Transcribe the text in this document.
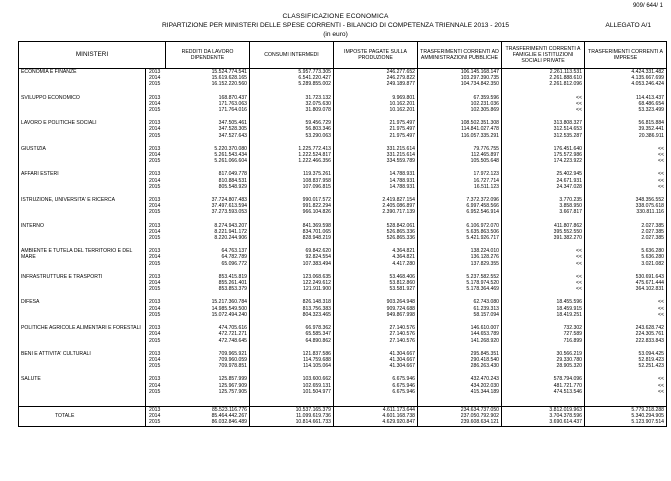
909/ 644/ 1
CLASSIFICAZIONE ECONOMICA
RIPARTIZIONE PER MINISTERI DELLE SPESE CORRENTI - BILANCIO DI COMPETENZA TRIENNALE 2013 - 2015
(in euro)
ALLEGATO A/1
MINISTERI		REDDITI DA LAVORO DIPENDENTE	CONSUMI INTERMEDI	IMPOSTE PAGATE SULLA PRODUZIONE	TRASFERIMENTI CORRENTI AD AMMINISTRAZIONI PUBBLICHE	TRASFERIMENTI CORRENTI A FAMIGLIE E ISTITUZIONI SOCIALI PRIVATE	TRASFERIMENTI CORRENTI A IMPRESE
ECONOMIA E FINANZE	2013	15.524.774.541	5.957.773.305	246.277.652	106.145.168.147	2.261.113.531	4.424.331.482
	2014	15.619.628.165	6.541.220.427	246.279.822	103.297.390.735	2.261.888.610	4.135.667.699
	2015	16.152.220.560	5.289.855.002	249.189.877	104.734.842.350	2.261.812.096	4.053.246.424

SVILUPPO ECONOMICO	2013	168.870.437	31.723.132	9.969.801	67.359.596	<<	114.413.437
	2014	171.763.063	32.075.630	10.162.201	102.231.036	<<	68.486.654
	2015	171.764.016	31.809.078	10.162.201	102.305.869	<<	53.323.499

LAVORO E POLITICHE SOCIALI	2013	347.505.461	59.456.729	21.975.497	108.502.351.308	313.808.327	56.815.884
	2014	347.528.305	56.803.346	21.975.497	114.841.027.478	312.514.653	39.352.441
	2015	347.527.643	53.290.063	21.975.497	116.057.335.291	312.535.287	20.386.911

GIUSTIZIA	2013	5.220.370.080	1.225.772.413	331.215.614	79.776.755	176.451.640	<<
	2014	5.261.543.434	1.222.524.817	331.215.614	112.465.897	175.572.986	<<
	2015	5.261.066.604	1.222.466.356	334.559.789	105.505.648	174.223.922	<<

AFFARI ESTERI	2013	817.049.778	119.375.261	14.788.931	17.972.123	25.402.945	<<
	2014	810.884.531	108.837.958	14.788.931	16.727.714	24.671.931	<<
	2015	805.548.929	107.096.815	14.788.931	16.511.123	24.347.028	<<

ISTRUZIONE, UNIVERSITA' E RICERCA	2013	37.724.807.483	990.017.572	2.419.827.154	7.372.372.096	3.770.235	348.356.552
	2014	37.497.613.594	991.822.294	2.405.086.897	6.997.458.566	3.858.950	338.075.618
	2015	37.273.593.053	966.104.826	2.390.717.139	6.952.546.914	3.667.817	330.811.116

INTERNO	2013	8.274.943.207	841.369.598	528.842.061	6.106.972.070	411.807.862	2.027.385
	2014	8.221.941.172	834.701.065	526.865.336	5.635.863.506	395.552.550	2.027.385
	2015	8.220.244.906	828.948.219	526.865.336	5.421.926.717	391.382.270	2.027.385

AMBIENTE E TUTELA DEL TERRITORIO E DEL MARE	2013	64.763.137	69.842.620	4.364.821	138.224.010	<<	5.636.280
	2014	64.782.789	92.824.554	4.364.821	136.128.276	<<	5.636.280
	2015	65.096.772	107.383.494	4.417.280	137.829.355	<<	3.021.082

INFRASTRUTTURE E TRASPORTI	2013	853.415.819	123.068.635	53.468.406	5.237.582.552	<<	530.691.643
	2014	855.261.401	122.249.612	53.812.860	5.178.974.520	<<	475.671.444
	2015	853.853.379	121.911.900	53.581.927	5.178.364.469	<<	364.102.831

DIFESA	2013	15.217.360.784	826.148.318	903.264.948	62.743.080	18.455.596	<<
	2014	14.985.549.500	813.756.383	909.724.688	61.239.313	18.459.915	<<
	2015	15.072.494.240	804.323.465	949.867.998	58.157.094	18.419.251	<<

POLITICHE AGRICOLE ALIMENTARI E FORESTALI	2013	474.705.616	66.978.362	27.140.576	146.610.007	732.302	243.628.742
	2014	472.721.271	65.585.347	27.140.576	144.653.789	727.589	224.305.761
	2015	472.748.645	64.890.862	27.140.576	141.268.920	716.899	222.833.843

BENI E ATTIVITA' CULTURALI	2013	709.965.921	121.837.586	41.304.667	295.845.351	30.566.219	53.094.425
	2014	709.960.059	114.759.688	41.304.667	290.418.540	29.330.780	52.819.423
	2015	709.978.851	114.105.064	41.304.667	286.263.430	28.905.320	52.251.423

SALUTE	2013	125.857.999	103.600.662	6.675.946	432.470.243	578.794.096	<<
	2014	125.967.909	102.659.131	6.675.946	434.202.030	481.721.770	<<
	2015	125.757.905	101.504.977	6.675.946	415.344.189	474.513.546	<<

	2013	85.523.116.776	10.537.165.379	4.611.173.644	234.634.737.050	3.812.019.963	5.779.218.288
TOTALE	2014	85.464.442.267	11.099.619.736	4.601.168.738	237.050.792.902	3.704.378.596	5.340.294.905
	2015	86.032.846.489	10.814.661.733	4.629.920.847	239.608.634.121	3.690.614.437	5.123.907.514
